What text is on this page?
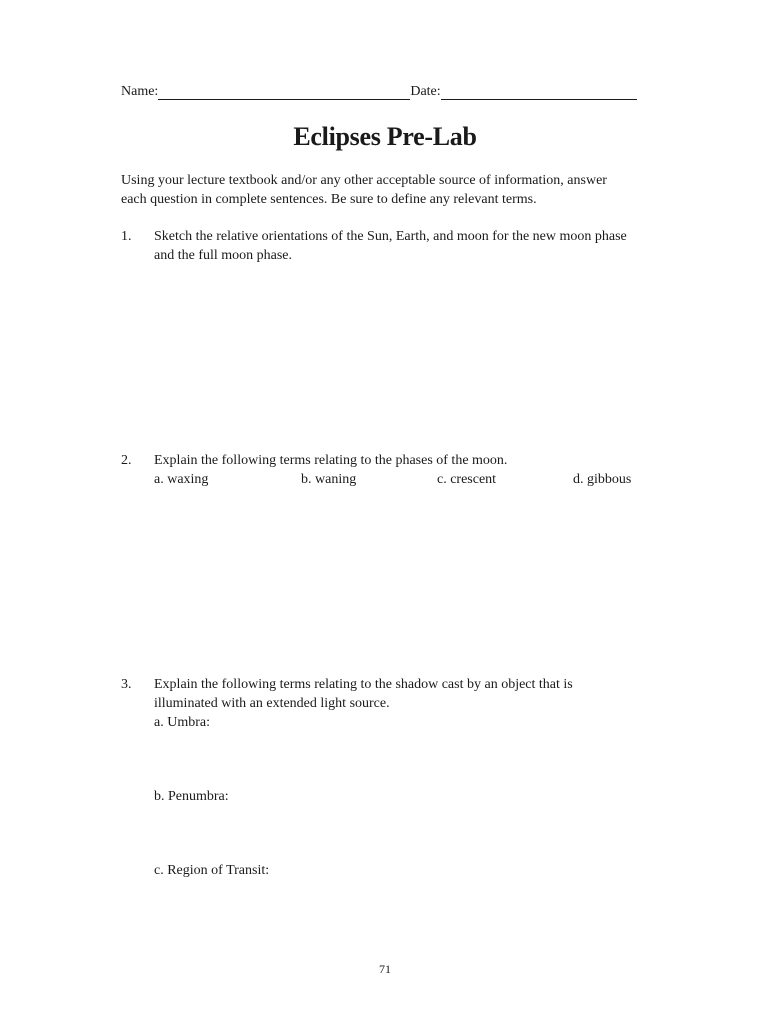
Name:	Date:
Eclipses Pre-Lab
Using your lecture textbook and/or any other acceptable source of information, answer
each question in complete sentences. Be sure to define any relevant terms.
1. Sketch the relative orientations of the Sun, Earth, and moon for the new moon phase
and the full moon phase.
2. Explain the following terms relating to the phases of the moon.
a. waxing	b. waning	c. crescent	d. gibbous
3. Explain the following terms relating to the shadow cast by an object that is
illuminated with an extended light source.
a. Umbra:
b. Penumbra:
c. Region of Transit:
71
